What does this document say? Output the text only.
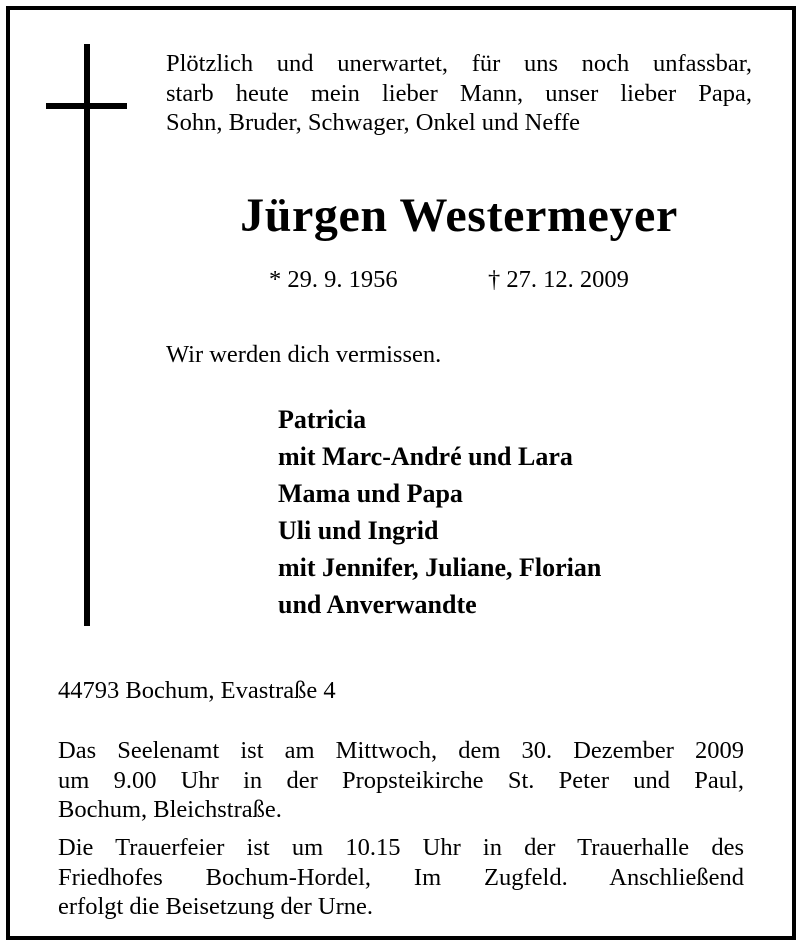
Plötzlich und unerwartet, für uns noch unfassbar,
starb heute mein lieber Mann, unser lieber Papa,
Sohn, Bruder, Schwager, Onkel und Neffe
Jürgen Westermeyer
* 29. 9. 1956	† 27. 12. 2009
Wir werden dich vermissen.
Patricia
mit Marc-André und Lara
Mama und Papa
Uli und Ingrid
mit Jennifer, Juliane, Florian
und Anverwandte
44793 Bochum, Evastraße 4
Das Seelenamt ist am Mittwoch, dem 30. Dezember 2009
um 9.00 Uhr in der Propsteikirche St. Peter und Paul,
Bochum, Bleichstraße.
Die Trauerfeier ist um 10.15 Uhr in der Trauerhalle des
Friedhofes Bochum-Hordel, Im Zugfeld. Anschließend
erfolgt die Beisetzung der Urne.
